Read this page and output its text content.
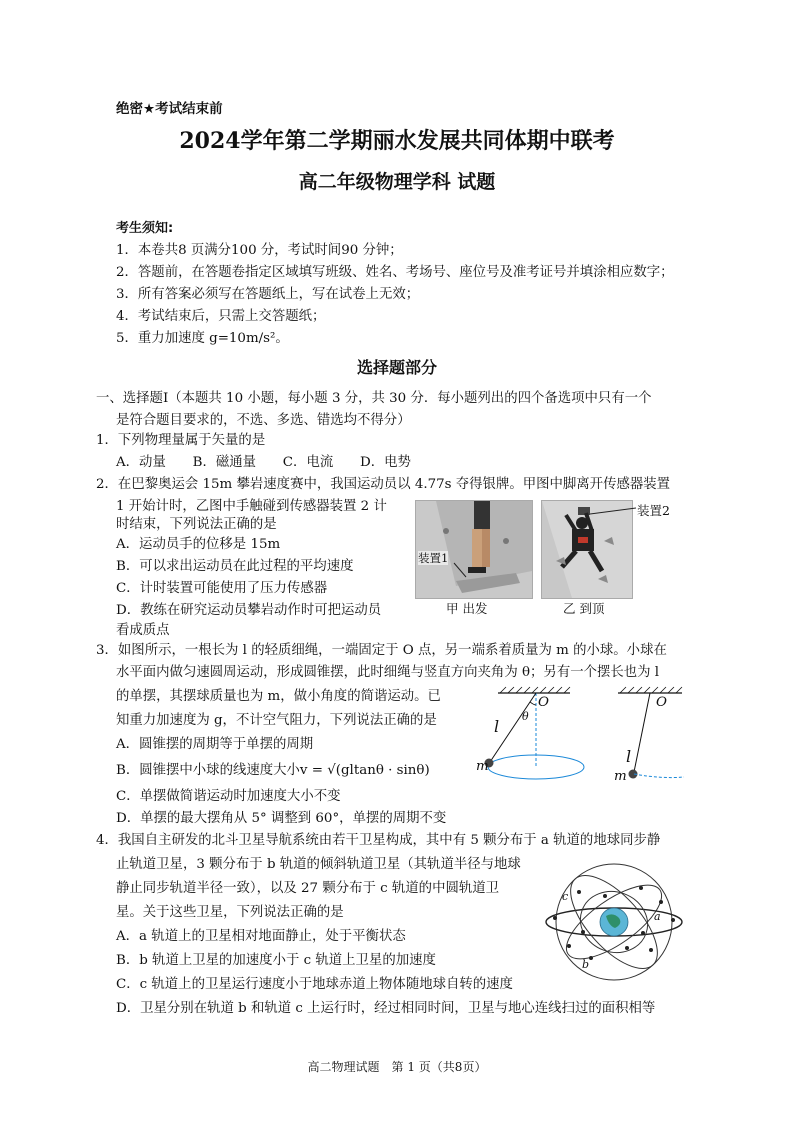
绝密★考试结束前
2024学年第二学期丽水发展共同体期中联考
高二年级物理学科 试题
考生须知:
1．本卷共8 页满分100 分，考试时间90 分钟；
2．答题前，在答题卷指定区域填写班级、姓名、考场号、座位号及准考证号并填涂相应数字；
3．所有答案必须写在答题纸上，写在试卷上无效；
4．考试结束后，只需上交答题纸；
5．重力加速度 g=10m/s²。
选择题部分
一、选择题Ⅰ（本题共 10 小题，每小题 3 分，共 30 分．每小题列出的四个备选项中只有一个
是符合题目要求的，不选、多选、错选均不得分）
1．下列物理量属于矢量的是
A．动量　　B．磁通量　　C．电流　　D．电势
2．在巴黎奥运会 15m 攀岩速度赛中，我国运动员以 4.77s 夺得银牌。甲图中脚离开传感器装置
1 开始计时，乙图中手触碰到传感器装置 2 计
时结束，下列说法正确的是
A．运动员手的位移是 15m
B．可以求出运动员在此过程的平均速度
C．计时装置可能使用了压力传感器
D．教练在研究运动员攀岩动作时可把运动员
看成质点
装置1
甲 出发
装置2
乙 到顶
3．如图所示，一根长为 l 的轻质细绳，一端固定于 O 点，另一端系着质量为 m 的小球。小球在
水平面内做匀速圆周运动，形成圆锥摆，此时细绳与竖直方向夹角为 θ；另有一个摆长也为 l
的单摆，其摆球质量也为 m，做小角度的简谐运动。已
知重力加速度为 g，不计空气阻力，下列说法正确的是
A．圆锥摆的周期等于单摆的周期
B．圆锥摆中小球的线速度大小v = √(gltanθ · sinθ)
C．单摆做简谐运动时加速度大小不变
D．单摆的最大摆角从 5° 调整到 60°，单摆的周期不变
O
θ
l
m
O
l
m
4．我国自主研发的北斗卫星导航系统由若干卫星构成，其中有 5 颗分布于 a 轨道的地球同步静
止轨道卫星，3 颗分布于 b 轨道的倾斜轨道卫星（其轨道半径与地球
静止同步轨道半径一致），以及 27 颗分布于 c 轨道的中圆轨道卫
星。关于这些卫星，下列说法正确的是
A．a 轨道上的卫星相对地面静止，处于平衡状态
B．b 轨道上卫星的加速度小于 c 轨道上卫星的加速度
C．c 轨道上的卫星运行速度小于地球赤道上物体随地球自转的速度
D．卫星分别在轨道 b 和轨道 c 上运行时，经过相同时间，卫星与地心连线扫过的面积相等
c
a
b
高二物理试题　第 1 页（共8页）
